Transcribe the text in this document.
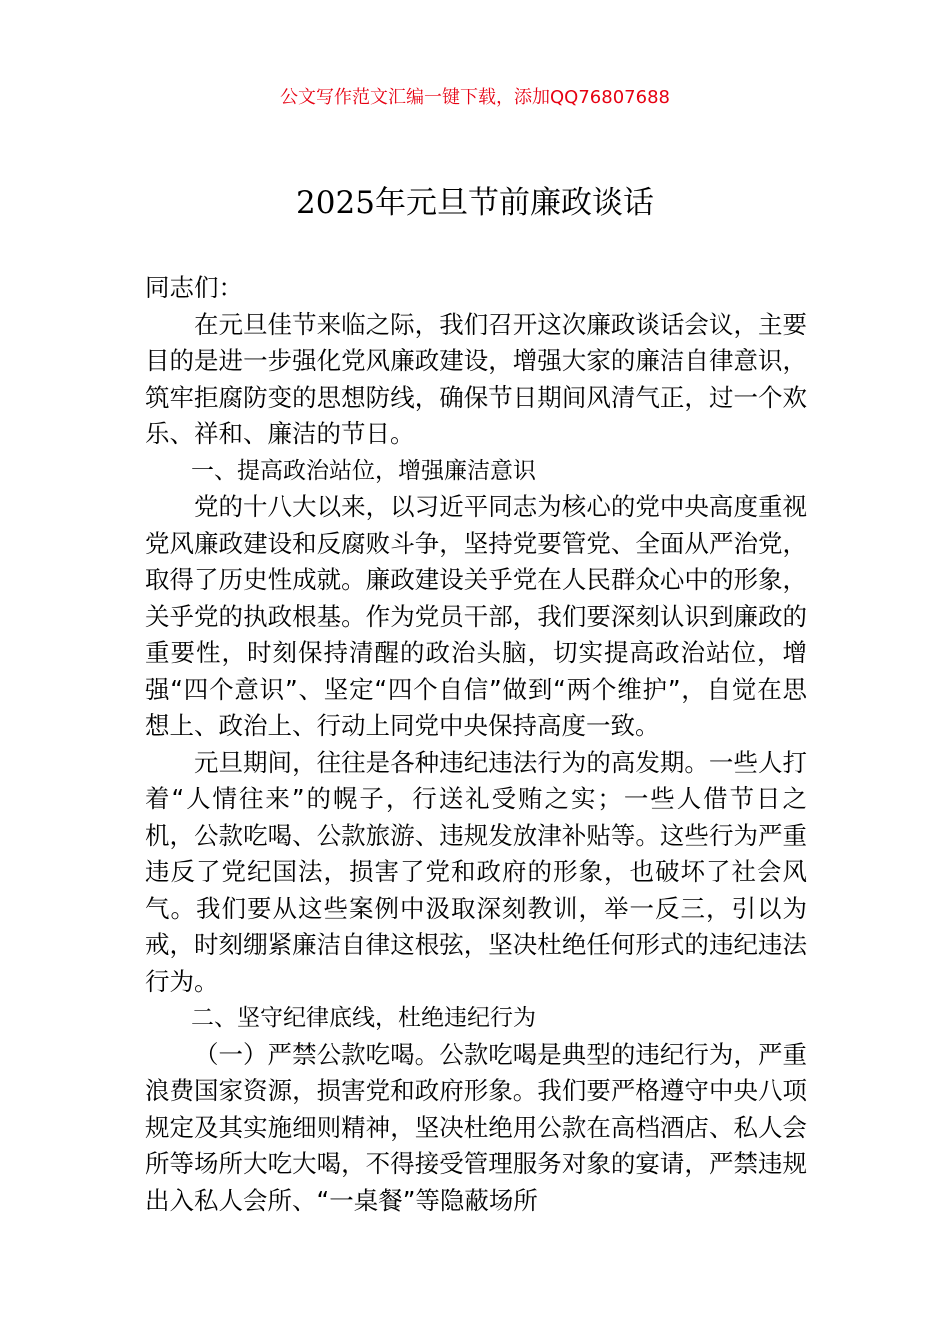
公文写作范文汇编一键下载，添加QQ76807688
2025年元旦节前廉政谈话

同志们：

在元旦佳节来临之际，我们召开这次廉政谈话会议，主要目的是进一步强化党风廉政建设，增强大家的廉洁自律意识，筑牢拒腐防变的思想防线，确保节日期间风清气正，过一个欢乐、祥和、廉洁的节日。

一、提高政治站位，增强廉洁意识

党的十八大以来，以习近平同志为核心的党中央高度重视党风廉政建设和反腐败斗争，坚持党要管党、全面从严治党，取得了历史性成就。廉政建设关乎党在人民群众心中的形象，关乎党的执政根基。作为党员干部，我们要深刻认识到廉政的重要性，时刻保持清醒的政治头脑，切实提高政治站位，增强“四个意识”、坚定“四个自信”做到“两个维护”，自觉在思想上、政治上、行动上同党中央保持高度一致。

元旦期间，往往是各种违纪违法行为的高发期。一些人打着“人情往来”的幌子，行送礼受贿之实；一些人借节日之机，公款吃喝、公款旅游、违规发放津补贴等。这些行为严重违反了党纪国法，损害了党和政府的形象，也破坏了社会风气。我们要从这些案例中汲取深刻教训，举一反三，引以为戒，时刻绷紧廉洁自律这根弦，坚决杜绝任何形式的违纪违法行为。

二、坚守纪律底线，杜绝违纪行为

（一）严禁公款吃喝。公款吃喝是典型的违纪行为，严重浪费国家资源，损害党和政府形象。我们要严格遵守中央八项规定及其实施细则精神，坚决杜绝用公款在高档酒店、私人会所等场所大吃大喝，不得接受管理服务对象的宴请，严禁违规出入私人会所、“一桌餐”等隐蔽场所
